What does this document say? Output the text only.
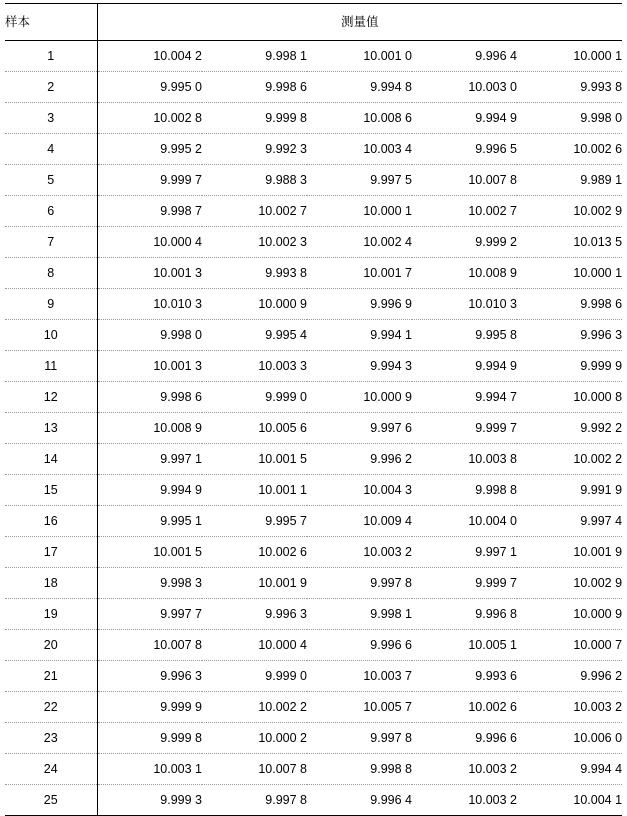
样本	测量值				
1	10.004 2	9.998 1	10.001 0	9.996 4	10.000 1
2	9.995 0	9.998 6	9.994 8	10.003 0	9.993 8
3	10.002 8	9.999 8	10.008 6	9.994 9	9.998 0
4	9.995 2	9.992 3	10.003 4	9.996 5	10.002 6
5	9.999 7	9.988 3	9.997 5	10.007 8	9.989 1
6	9.998 7	10.002 7	10.000 1	10.002 7	10.002 9
7	10.000 4	10.002 3	10.002 4	9.999 2	10.013 5
8	10.001 3	9.993 8	10.001 7	10.008 9	10.000 1
9	10.010 3	10.000 9	9.996 9	10.010 3	9.998 6
10	9.998 0	9.995 4	9.994 1	9.995 8	9.996 3
11	10.001 3	10.003 3	9.994 3	9.994 9	9.999 9
12	9.998 6	9.999 0	10.000 9	9.994 7	10.000 8
13	10.008 9	10.005 6	9.997 6	9.999 7	9.992 2
14	9.997 1	10.001 5	9.996 2	10.003 8	10.002 2
15	9.994 9	10.001 1	10.004 3	9.998 8	9.991 9
16	9.995 1	9.995 7	10.009 4	10.004 0	9.997 4
17	10.001 5	10.002 6	10.003 2	9.997 1	10.001 9
18	9.998 3	10.001 9	9.997 8	9.999 7	10.002 9
19	9.997 7	9.996 3	9.998 1	9.996 8	10.000 9
20	10.007 8	10.000 4	9.996 6	10.005 1	10.000 7
21	9.996 3	9.999 0	10.003 7	9.993 6	9.996 2
22	9.999 9	10.002 2	10.005 7	10.002 6	10.003 2
23	9.999 8	10.000 2	9.997 8	9.996 6	10.006 0
24	10.003 1	10.007 8	9.998 8	10.003 2	9.994 4
25	9.999 3	9.997 8	9.996 4	10.003 2	10.004 1
